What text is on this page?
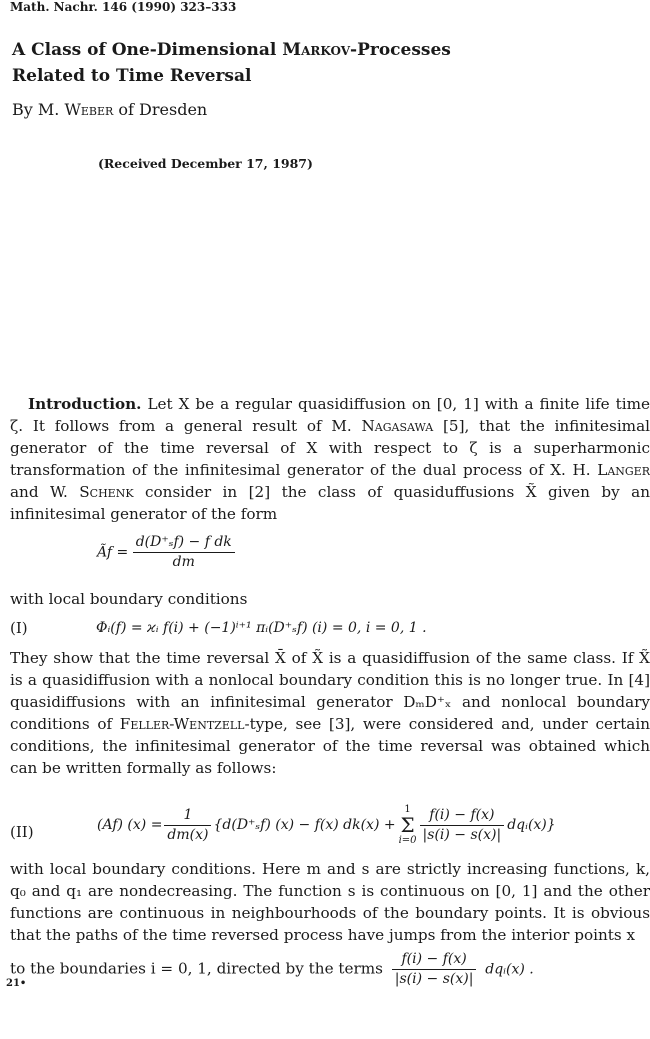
Math. Nachr. 146 (1990) 323–333
A Class of One-Dimensional Markov-Processes
Related to Time Reversal
By M. Weber of Dresden
(Received December 17, 1987)

Introduction. Let X be a regular quasidiffusion on [0, 1] with a finite life time ζ. It follows from a general result of M. Nagasawa [5], that the infinitesimal generator of the time reversal of X with respect to ζ is a superharmonic transformation of the infinitesimal generator of the dual process of X. H. Langer and W. Schenk consider in [2] the class of quasiduffusions X̃ given by an infinitesimal generator of the form

Ãf = $\frac{\text{d(D⁺ₛf) − f dk}}{dm}$
with local boundary conditions
(I)	Φᵢ(f) = ϰᵢ f(i) + (−1)ⁱ⁺¹ πᵢ(D⁺ₛf) (i) = 0, i = 0, 1 .

They show that the time reversal X̄ of X̃ is a quasidiffusion of the same class. If X̃ is a quasidiffusion with a nonlocal boundary condition this is no longer true. In [4] quasidiffusions with an infinitesimal generator DₘD⁺ₓ and nonlocal boundary conditions of Feller-Wentzell-type, see [3], were considered and, under certain conditions, the infinitesimal generator of the time reversal was obtained which can be written formally as follows:

(II)	(Af) $(x) = \frac{1}{dm(x)} \{d(D^+_sf) (x) - f(x) dk(x)$ +
1
Σ
$i=0 \frac{f(i) - f(x)}{|s(i) - s(x)|}$ dqᵢ(x)}

with local boundary conditions. Here m and s are strictly increasing functions, k, q₀ and q₁ are nondecreasing. The function s is continuous on [0, 1] and the other functions are continuous in neighbourhoods of the boundary points. It is obvious that the paths of the time reversed process have jumps from the interior points x

to the boundaries i = 0, 1, directed by the terms $\frac{f(i) - f(x)}{|s(i) - s(x)|}$ dqᵢ(x) .

21•
